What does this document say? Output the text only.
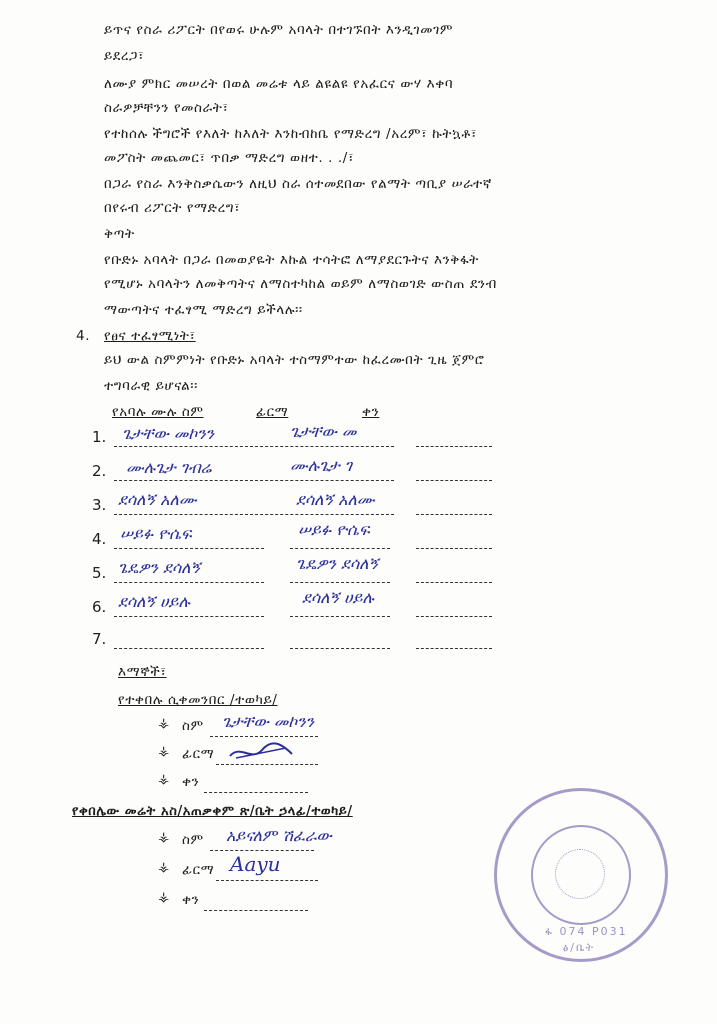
ይጥና የስራ ሪፖርት በየወሩ ሁሉም አባላት በተገኙበት እንዲገመገም
ይደረጋ፣
ለሙያ ምክር መሠረት በወል መሬቱ ላይ ልዩልዩ የአፈርና ውሃ እቀባ
ስራዎቻቸንን የመስራት፣
የተከሰሉ ችግሮች የእለት ከእለት እንከብከቤ የማድረግ /አረም፣ ኩትኳቶ፣
መፖስት መጨመር፣ ጥበቃ ማድረግ ወዘተ. . ./፣
በጋራ የስራ እንቅስቃሴውን ለዚህ ስራ ሰተመደበው የልማት ጣቢያ ሠራተኛ
በየሩብ ሪፖርት የማድረግ፣
ቅጣት
የቡድኑ አባላት በጋራ በመወያዬት እኩል ተሳትፎ ለማያደርጉትና እንቅፋት
የሚሆኑ አባላትን ለመቅጣትና ለማስተካከል ወይም ለማስወገድ ውስጠ ደንብ
ማውጣትና ተፈፃሚ ማድረግ ይችላሉ፡፡
4. የፀና ተፈፃሚነት፣
ይህ ውል ስምምነት የቡድኑ አባላት ተስማምተው ከፈረሙበት ጊዜ ጀምሮ
ተግባራዊ ይሆናል፡፡
የአባሉ ሙሉ ስም	ፊርማ	ቀን
1. ጌታቸው መኮንን	ጌታቸው መ
2. ሙሉጌታ ገብሬ	ሙሉጌታ ገ
3. ደሳለኝ አለሙ	ደሳለኝ አለሙ
4. ሠይፉ ዮሴፍ	ሠይፉ ዮሴፍ
5. ጌዴዎን ደሳለኝ	ጌዴዎን ደሳለኝ
6. ደሳለኝ ሀይሉ	ደሳለኝ ሀይሉ
7.
እማኞች፣
የተቀበሉ ሲቀመንበር /ተወካይ/
⚶ ስም ጌታቸው መኮንን
⚶ ፊርማ
⚶ ቀን
የቀበሌው መሬት አስ/አጠቃቀም ጽ/ቤት ኃላፊ/ተወካይ/
⚶ ስም አይናለም ሽፈራው
⚶ ፊርማ Aayu
⚶ ቀን
ፋ 074 P031
ፅ/ቤት
